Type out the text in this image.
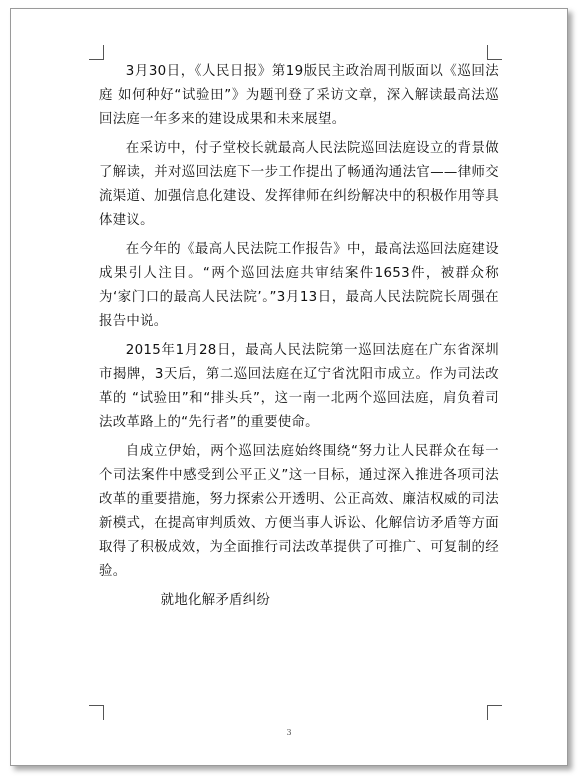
3月30日，《人民日报》第19版民主政治周刊版面以《巡回法庭 如何种好“试验田”》为题刊登了采访文章，深入解读最高法巡回法庭一年多来的建设成果和未来展望。

在采访中，付子堂校长就最高人民法院巡回法庭设立的背景做了解读，并对巡回法庭下一步工作提出了畅通沟通法官——律师交流渠道、加强信息化建设、发挥律师在纠纷解决中的积极作用等具体建议。

在今年的《最高人民法院工作报告》中，最高法巡回法庭建设成果引人注目。“两个巡回法庭共审结案件1653件，被群众称为‘家门口的最高人民法院’。”3月13日，最高人民法院院长周强在报告中说。

2015年1月28日，最高人民法院第一巡回法庭在广东省深圳市揭牌，3天后，第二巡回法庭在辽宁省沈阳市成立。作为司法改革的 “试验田”和“排头兵”，这一南一北两个巡回法庭，肩负着司法改革路上的“先行者”的重要使命。

自成立伊始，两个巡回法庭始终围绕“努力让人民群众在每一个司法案件中感受到公平正义”这一目标，通过深入推进各项司法改革的重要措施，努力探索公开透明、公正高效、廉洁权威的司法新模式，在提高审判质效、方便当事人诉讼、化解信访矛盾等方面取得了积极成效，为全面推行司法改革提供了可推广、可复制的经验。

就地化解矛盾纠纷

3
